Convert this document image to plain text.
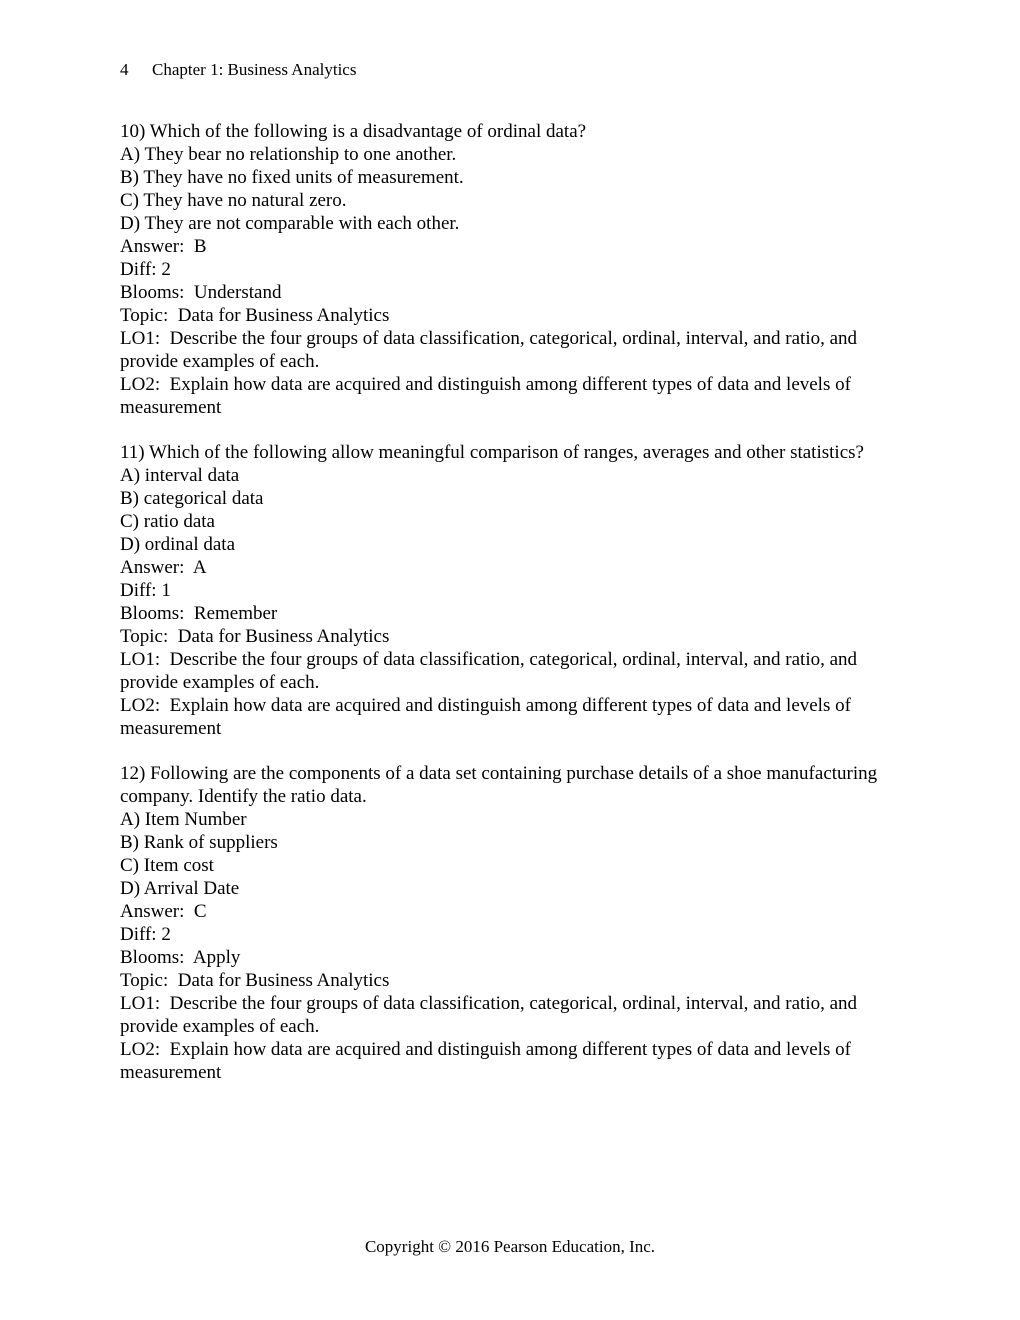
4 Chapter 1: Business Analytics
10) Which of the following is a disadvantage of ordinal data?
A) They bear no relationship to one another.
B) They have no fixed units of measurement.
C) They have no natural zero.
D) They are not comparable with each other.
Answer:  B
Diff: 2
Blooms:  Understand
Topic:  Data for Business Analytics
LO1:  Describe the four groups of data classification, categorical, ordinal, interval, and ratio, and provide examples of each.
LO2:  Explain how data are acquired and distinguish among different types of data and levels of measurement
11) Which of the following allow meaningful comparison of ranges, averages and other statistics?
A) interval data
B) categorical data
C) ratio data
D) ordinal data
Answer:  A
Diff: 1
Blooms:  Remember
Topic:  Data for Business Analytics
LO1:  Describe the four groups of data classification, categorical, ordinal, interval, and ratio, and provide examples of each.
LO2:  Explain how data are acquired and distinguish among different types of data and levels of measurement
12) Following are the components of a data set containing purchase details of a shoe manufacturing company. Identify the ratio data.
A) Item Number
B) Rank of suppliers
C) Item cost
D) Arrival Date
Answer:  C
Diff: 2
Blooms:  Apply
Topic:  Data for Business Analytics
LO1:  Describe the four groups of data classification, categorical, ordinal, interval, and ratio, and provide examples of each.
LO2:  Explain how data are acquired and distinguish among different types of data and levels of measurement
Copyright © 2016 Pearson Education, Inc.
